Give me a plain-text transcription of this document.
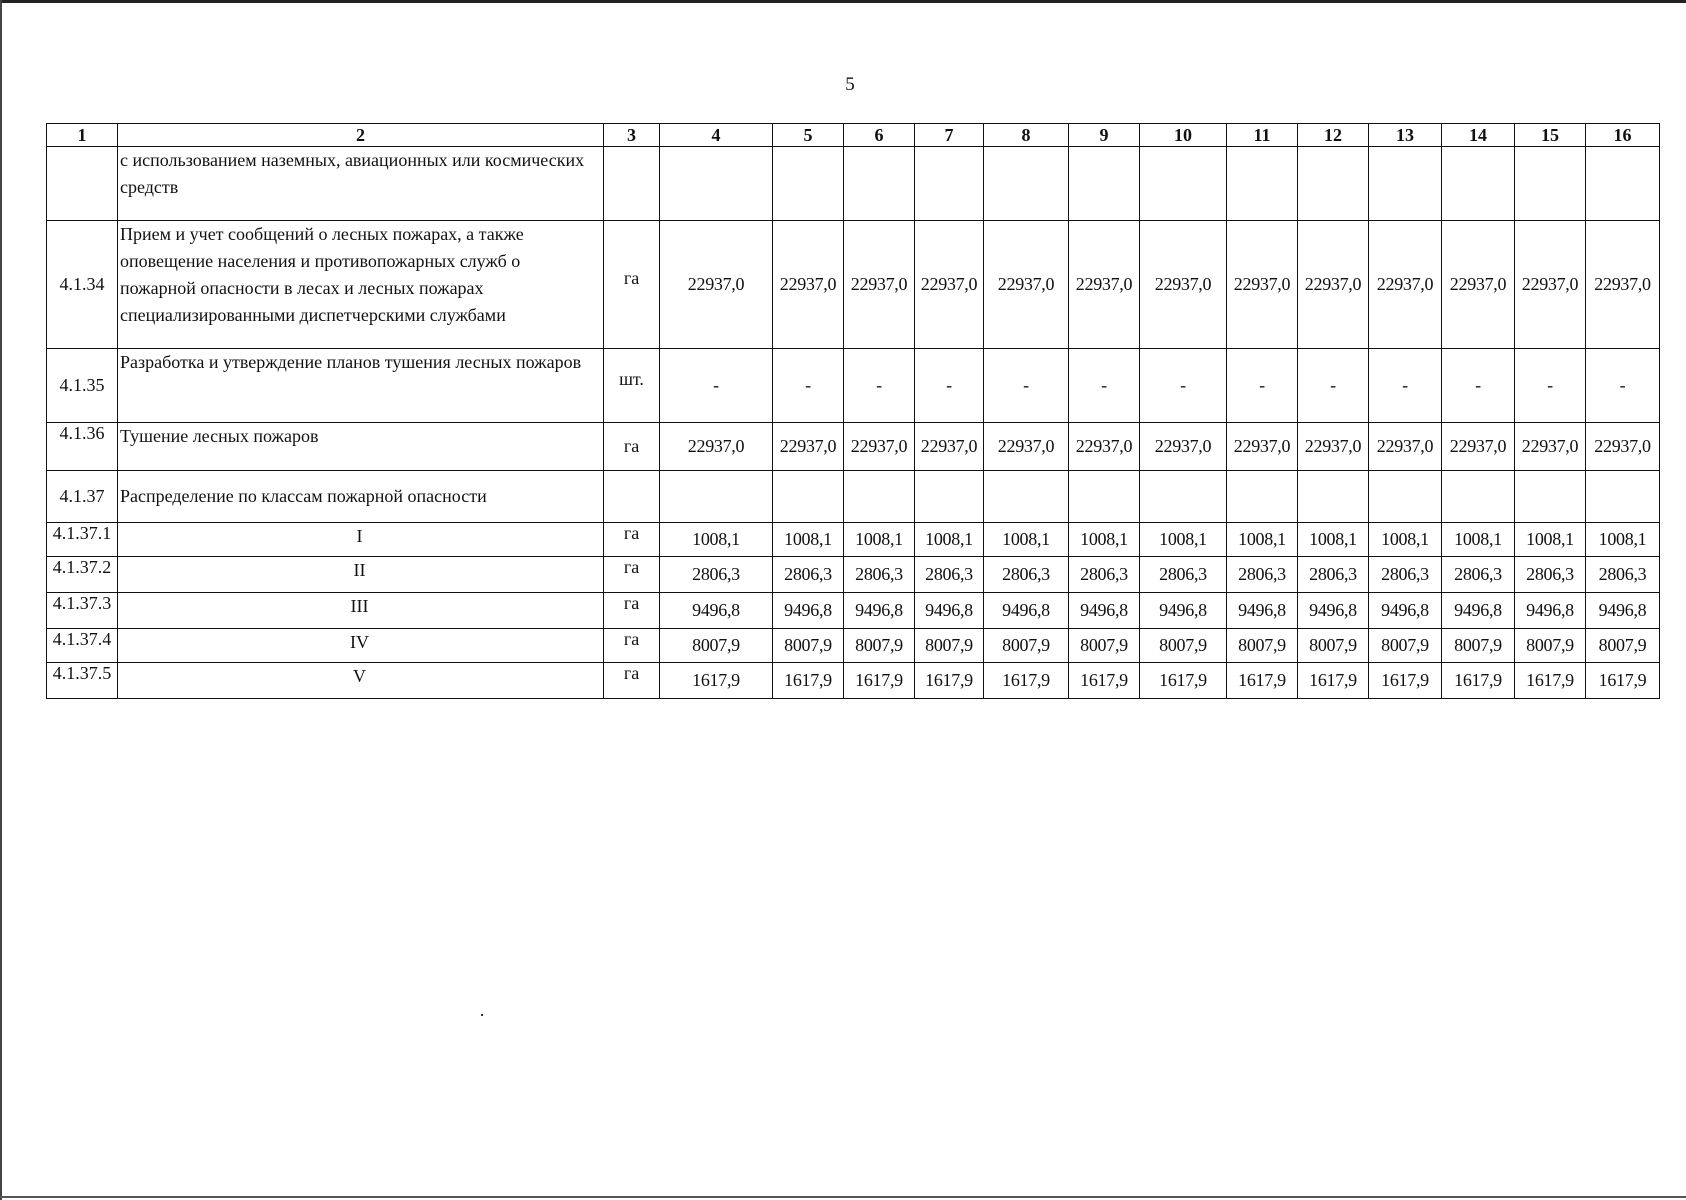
5
1	2	3	4	5	6	7	8	9	10	11	12	13	14	15	16
	с использованием наземных, авиационных или космических средств														
4.1.34	Прием и учет сообщений о лесных пожарах, а также оповещение населения и противопожарных служб о пожарной опасности в лесах и лесных пожарах специализированными диспетчерскими службами	га	22937,0	22937,0	22937,0	22937,0	22937,0	22937,0	22937,0	22937,0	22937,0	22937,0	22937,0	22937,0	22937,0
4.1.35	Разработка и утверждение планов тушения лесных пожаров	шт.	-	-	-	-	-	-	-	-	-	-	-	-	-
4.1.36	Тушение лесных пожаров	га	22937,0	22937,0	22937,0	22937,0	22937,0	22937,0	22937,0	22937,0	22937,0	22937,0	22937,0	22937,0	22937,0
4.1.37	Распределение по классам пожарной опасности														
4.1.37.1	I	га	1008,1	1008,1	1008,1	1008,1	1008,1	1008,1	1008,1	1008,1	1008,1	1008,1	1008,1	1008,1	1008,1
4.1.37.2	II	га	2806,3	2806,3	2806,3	2806,3	2806,3	2806,3	2806,3	2806,3	2806,3	2806,3	2806,3	2806,3	2806,3
4.1.37.3	III	га	9496,8	9496,8	9496,8	9496,8	9496,8	9496,8	9496,8	9496,8	9496,8	9496,8	9496,8	9496,8	9496,8
4.1.37.4	IV	га	8007,9	8007,9	8007,9	8007,9	8007,9	8007,9	8007,9	8007,9	8007,9	8007,9	8007,9	8007,9	8007,9
4.1.37.5	V	га	1617,9	1617,9	1617,9	1617,9	1617,9	1617,9	1617,9	1617,9	1617,9	1617,9	1617,9	1617,9	1617,9
